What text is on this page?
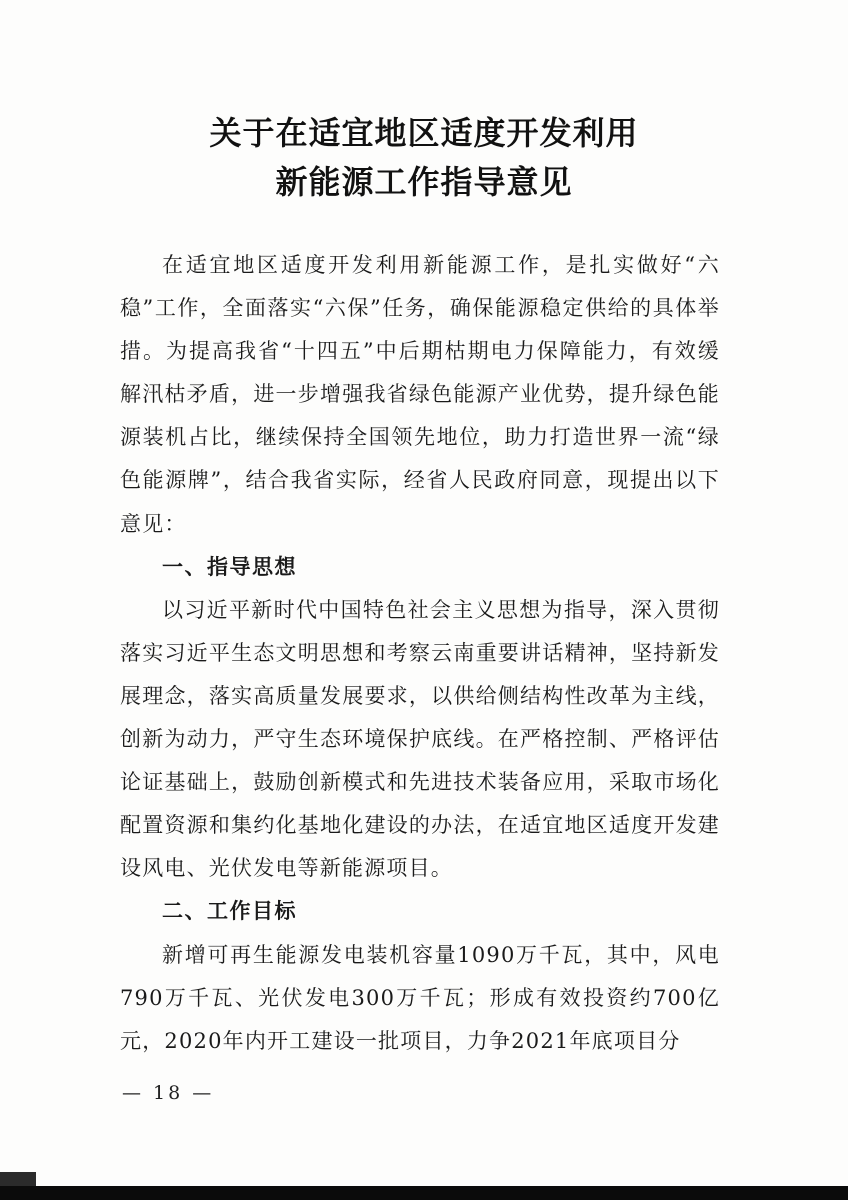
关于在适宜地区适度开发利用
新能源工作指导意见

在适宜地区适度开发利用新能源工作，是扎实做好“六稳”工作，全面落实“六保”任务，确保能源稳定供给的具体举措。为提高我省“十四五”中后期枯期电力保障能力，有效缓解汛枯矛盾，进一步增强我省绿色能源产业优势，提升绿色能源装机占比，继续保持全国领先地位，助力打造世界一流“绿色能源牌”，结合我省实际，经省人民政府同意，现提出以下意见：

一、指导思想

以习近平新时代中国特色社会主义思想为指导，深入贯彻落实习近平生态文明思想和考察云南重要讲话精神，坚持新发展理念，落实高质量发展要求，以供给侧结构性改革为主线，创新为动力，严守生态环境保护底线。在严格控制、严格评估论证基础上，鼓励创新模式和先进技术装备应用，采取市场化配置资源和集约化基地化建设的办法，在适宜地区适度开发建设风电、光伏发电等新能源项目。

二、工作目标

新增可再生能源发电装机容量1090万千瓦，其中，风电790万千瓦、光伏发电300万千瓦；形成有效投资约700亿元，2020年内开工建设一批项目，力争2021年底项目分

— 18 —
